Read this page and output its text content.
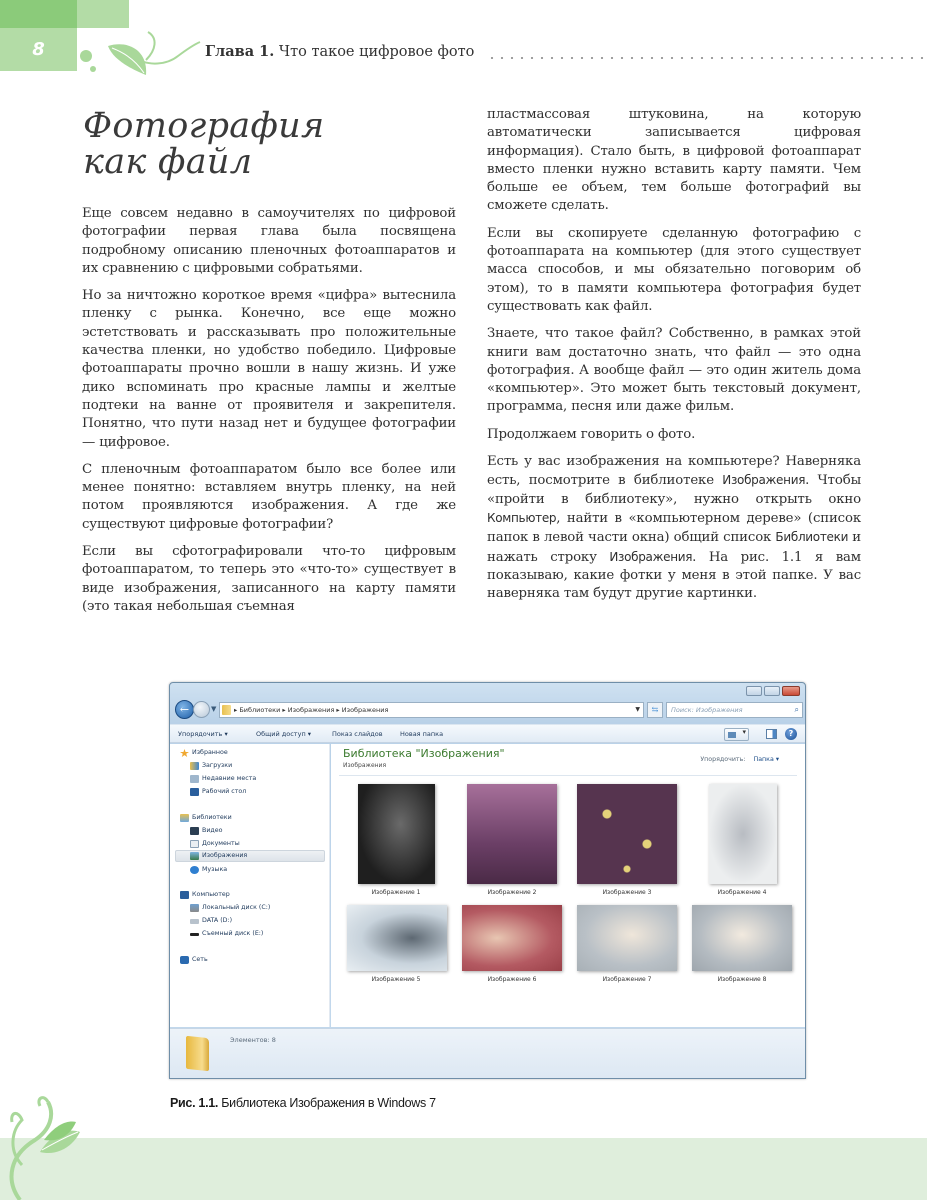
8	Глава 1. Что такое цифровое фото
Фотография
как файл

Еще совсем недавно в самоучителях по цифровой фотографии первая глава была посвящена подробному описанию пленочных фотоаппаратов и их сравнению с цифровыми собратьями.

Но за ничтожно короткое время «цифра» вытеснила пленку с рынка. Конечно, все еще можно эстетствовать и рассказывать про положительные качества пленки, но удобство победило. Цифровые фотоаппараты прочно вошли в нашу жизнь. И уже дико вспоминать про красные лампы и желтые подтеки на ванне от проявителя и закрепителя. Понятно, что пути назад нет и будущее фотографии — цифровое.

С пленочным фотоаппаратом было все более или менее понятно: вставляем внутрь пленку, на ней потом проявляются изображения. А где же существуют цифровые фотографии?

Если вы сфотографировали что-то цифровым фотоаппаратом, то теперь это «что-то» существует в виде изображения, записанного на карту памяти (это такая небольшая съемная

пластмассовая штуковина, на которую автоматически записывается цифровая информация). Стало быть, в цифровой фотоаппарат вместо пленки нужно вставить карту памяти. Чем больше ее объем, тем больше фотографий вы сможете сделать.

Если вы скопируете сделанную фотографию с фотоаппарата на компьютер (для этого существует масса способов, и мы обязательно поговорим об этом), то в памяти компьютера фотография будет существовать как файл.

Знаете, что такое файл? Собственно, в рамках этой книги вам достаточно знать, что файл — это одна фотография. А вообще файл — это один житель дома «компьютер». Это может быть текстовый документ, программа, песня или даже фильм.

Продолжаем говорить о фото.

Есть у вас изображения на компьютере? Наверняка есть, посмотрите в библиотеке Изображения. Чтобы «пройти в библиотеку», нужно открыть окно Компьютер, найти в «компьютерном дереве» (список папок в левой части окна) общий список Библиотеки и нажать строку Изображения. На рис. 1.1 я вам показываю, какие фотки у меня в этой папке. У вас наверняка там будут другие картинки.

←	▼	▸ Библиотеки ▸ Изображения ▸ Изображения	▼	⇆	Поиск: Изображения	⌕
Упорядочить ▾	Общий доступ ▾	Показ слайдов	Новая папка ▾	?
Избранное
Загрузки
Недавние места
Рабочий стол
Библиотеки
Видео
Документы
Изображения
Музыка
Компьютер
Локальный диск (C:)
DATA (D:)
Съемный диск (E:)
Сеть
Библиотека "Изображения"
Изображения
Упорядочить: Папка ▾
Изображение 1	Изображение 2	Изображение 3	Изображение 4
Изображение 5	Изображение 6	Изображение 7	Изображение 8
Элементов: 8
Рис. 1.1. Библиотека Изображения в Windows 7
